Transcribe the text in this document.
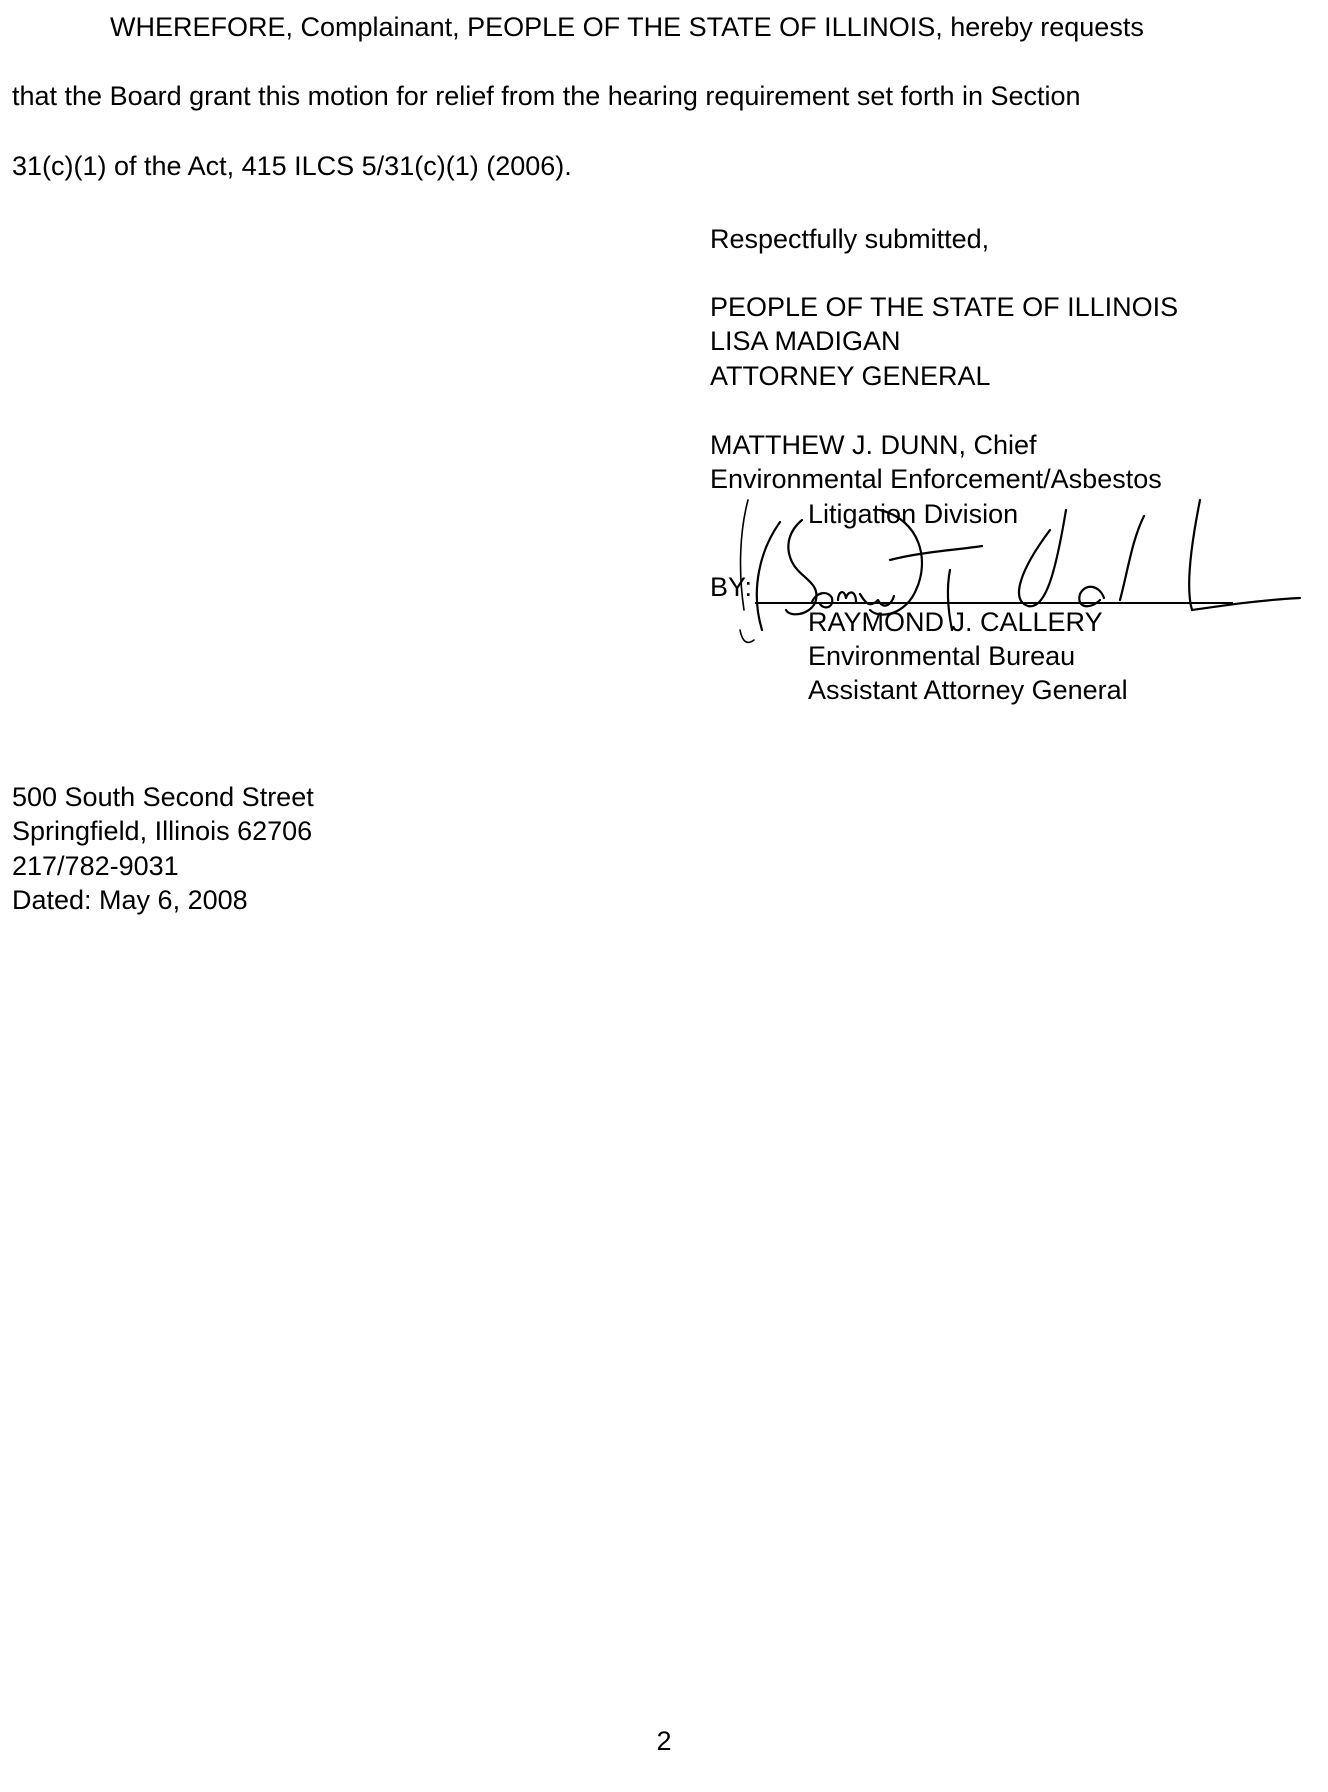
WHEREFORE, Complainant, PEOPLE OF THE STATE OF ILLINOIS, hereby requests
that the Board grant this motion for relief from the hearing requirement set forth in Section
31(c)(1) of the Act, 415 ILCS 5/31(c)(1) (2006).
Respectfully submitted,
PEOPLE OF THE STATE OF ILLINOIS
LISA MADIGAN
ATTORNEY GENERAL
MATTHEW J. DUNN, Chief
Environmental Enforcement/Asbestos
Litigation Division
BY:
RAYMOND J. CALLERY
Environmental Bureau
Assistant Attorney General
500 South Second Street
Springfield, Illinois 62706
217/782-9031
Dated: May 6, 2008
2
